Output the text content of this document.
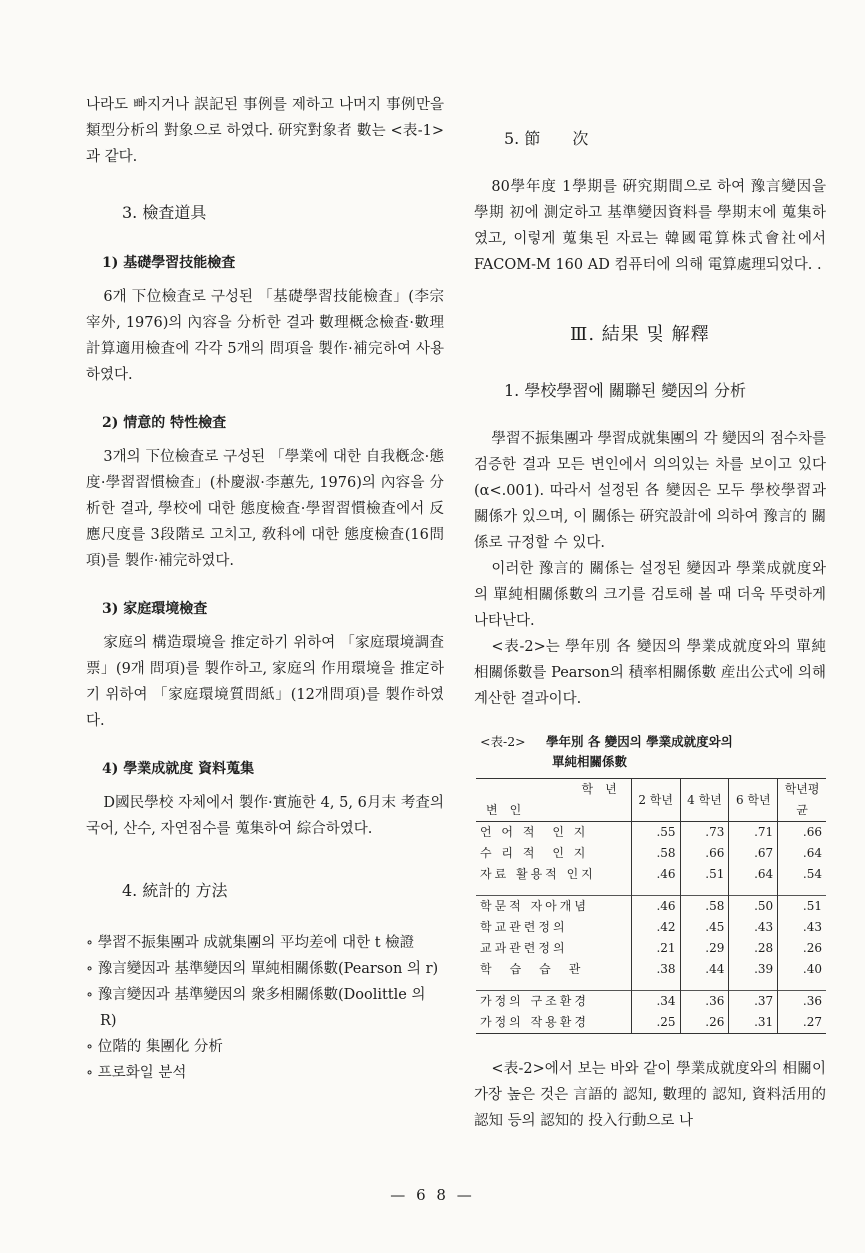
나라도 빠지거나 誤記된 事例를 제하고 나머지 事例만을 類型分析의 對象으로 하였다. 研究對象者 數는 <表-1>과 같다.

3. 檢査道具
1) 基礎學習技能檢査

6개 下位檢査로 구성된 「基礎學習技能檢査」(李宗宰外, 1976)의 內容을 分析한 결과 數理概念檢査·數理計算適用檢査에 각각 5개의 問項을 製作·補完하여 사용하였다.

2) 情意的 特性檢査

3개의 下位檢査로 구성된 「學業에 대한 自我槪念·態度·學習習慣檢査」(朴慶淑·李蕙先, 1976)의 內容을 分析한 결과, 學校에 대한 態度檢査·學習習慣檢査에서 反應尺度를 3段階로 고치고, 敎科에 대한 態度檢査(16問項)를 製作·補完하였다.

3) 家庭環境檢査

家庭의 構造環境을 推定하기 위하여 「家庭環境調査票」(9개 問項)를 製作하고, 家庭의 作用環境을 推定하기 위하여 「家庭環境質問紙」(12개問項)를 製作하였다.

4) 學業成就度 資料蒐集

D國民學校 자체에서 製作·實施한 4, 5, 6月末 考査의 국어, 산수, 자연점수를 蒐集하여 綜合하였다.

4. 統計的 方法
∘ 學習不振集團과 成就集團의 平均差에 대한 t 檢證
∘ 豫言變因과 基準變因의 單純相關係數(Pearson 의 r)
∘ 豫言變因과 基準變因의 衆多相關係數(Doolittle 의 R)
∘ 位階的 集團化 分析
∘ 프로화일 분석
5. 節　　次

80學年度 1學期를 硏究期間으로 하여 豫言變因을 學期 初에 測定하고 基準變因資料를 學期末에 蒐集하였고, 이렇게 蒐集된 자료는 韓國電算株式會社에서 FACOM-M 160 AD 컴퓨터에 의해 電算處理되었다. .

Ⅲ. 結果 및 解釋
1. 學校學習에 關聯된 變因의 分析

學習不振集團과 學習成就集團의 각 變因의 점수차를 검증한 결과 모든 변인에서 의의있는 차를 보이고 있다(α<.001). 따라서 설정된 各 變因은 모두 學校學習과 關係가 있으며, 이 關係는 硏究設計에 의하여 豫言的 關係로 규정할 수 있다.

이러한 豫言的 關係는 설정된 變因과 學業成就度와의 單純相關係數의 크기를 검토해 볼 때 더욱 뚜렷하게 나타난다.

<表-2>는 學年別 各 變因의 學業成就度와의 單純相關係數를 Pearson의 積率相關係數 産出公式에 의해 계산한 결과이다.

<表-2> 學年別 各 變因의 學業成就度와의
單純相關係數
학　년
변　인	2 학년	4 학년	6 학년	학년평균
언 어 적　인 지	.55	.73	.71	.66
수 리 적　인 지	.58	.66	.67	.64
자료 활용적 인지	.46	.51	.64	.54

학문적 자아개념	.46	.58	.50	.51
학교관련정의	.42	.45	.43	.43
교과관련정의	.21	.29	.28	.26
학　습　습　관	.38	.44	.39	.40

가정의 구조환경	.34	.36	.37	.36
가정의 작용환경	.25	.26	.31	.27

<表-2>에서 보는 바와 같이 學業成就度와의 相關이 가장 높은 것은 言語的 認知, 數理的 認知, 資料活用的 認知 등의 認知的 投入行動으로 나

— 6 8 —
